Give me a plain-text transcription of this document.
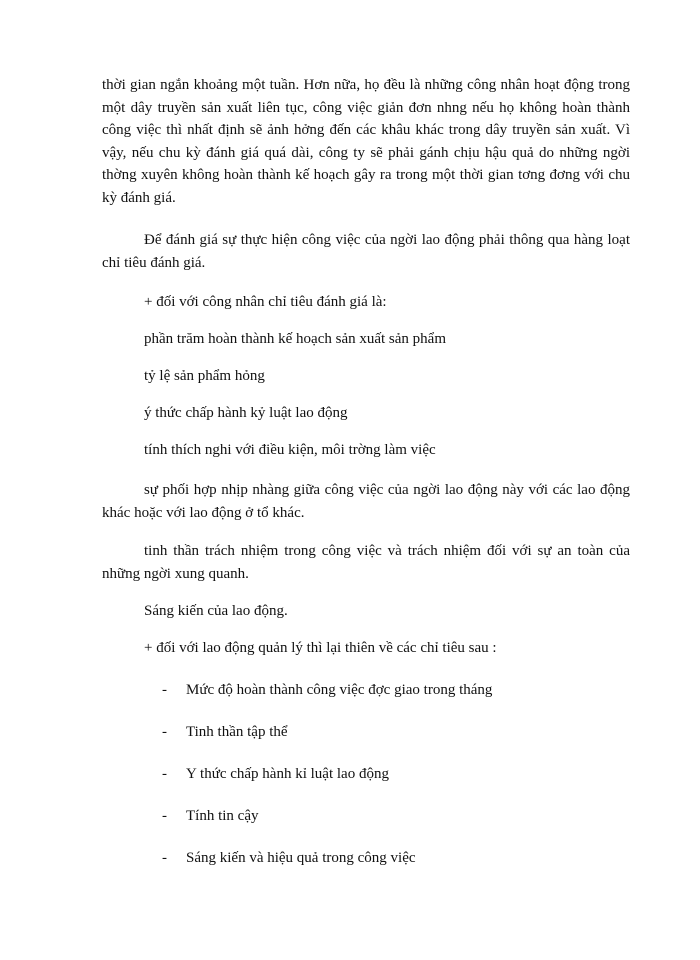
thời gian ngắn khoảng một tuần. Hơn nữa, họ đều là những công nhân hoạt động trong một dây truyền sản xuất liên tục, công việc giản đơn nhng nếu họ không hoàn thành công việc thì nhất định sẽ ảnh hởng đến các khâu khác trong dây truyền sản xuất. Vì vậy, nếu chu kỳ đánh giá quá dài, công ty sẽ phải gánh chịu hậu quả do những ngời thờng xuyên không hoàn thành kế hoạch gây ra trong một thời gian tơng đơng với chu kỳ đánh giá.

Để đánh giá sự thực hiện công việc của ngời lao động phải thông qua hàng loạt chỉ tiêu đánh giá.

+ đối với công nhân chỉ tiêu đánh giá là:

phần trăm hoàn thành kế hoạch sản xuất sản phẩm

tỷ lệ sản phẩm hỏng

ý thức chấp hành kỷ luật lao động

tính thích nghi với điều kiện, môi trờng làm việc

sự phối hợp nhịp nhàng giữa công việc của ngời lao động này với các lao động khác hoặc với lao động ở tổ khác.

tinh thần trách nhiệm trong công việc và trách nhiệm đối với sự an toàn của những ngời xung quanh.

Sáng kiến của lao động.

+ đối với lao động quản lý thì lại thiên về các chỉ tiêu sau :

- Mức độ hoàn thành công việc đợc giao trong tháng
- Tinh thần tập thể
- Y thức chấp hành kỉ luật lao động
- Tính tin cậy
- Sáng kiến và hiệu quả trong công việc
